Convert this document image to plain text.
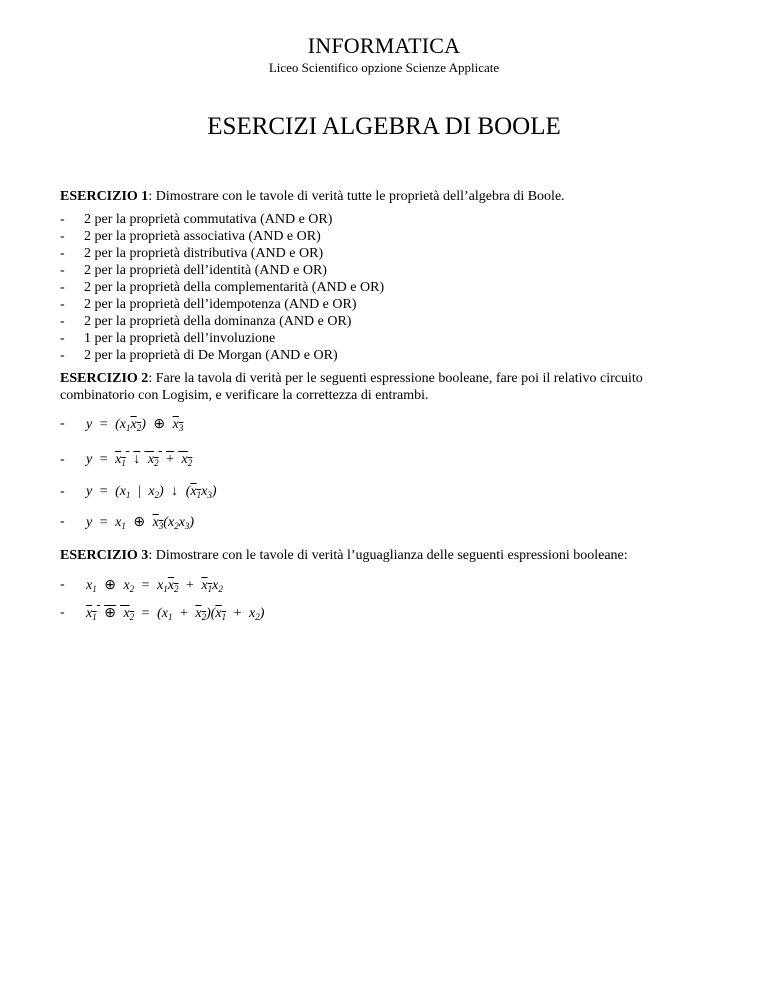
INFORMATICA
Liceo Scientifico opzione Scienze Applicate
ESERCIZI ALGEBRA DI BOOLE
ESERCIZIO 1: Dimostrare con le tavole di verità tutte le proprietà dell’algebra di Boole.
- 2 per la proprietà commutativa (AND e OR)
- 2 per la proprietà associativa (AND e OR)
- 2 per la proprietà distributiva (AND e OR)
- 2 per la proprietà dell’identità (AND e OR)
- 2 per la proprietà della complementarità (AND e OR)
- 2 per la proprietà dell’idempotenza (AND e OR)
- 2 per la proprietà della dominanza (AND e OR)
- 1 per la proprietà dell’involuzione
- 2 per la proprietà di De Morgan (AND e OR)
ESERCIZIO 2: Fare la tavola di verità per le seguenti espressione booleane, fare poi il relativo circuito combinatorio con Logisim, e verificare la correttezza di entrambi.
- $y = (x_1x_2)$ ⊕ $x_3$
- $y = x_1$ ↓ $x_2 + x_2$
- $y = (x_1$ | $x_2$) ↓ $(x_1x_3)$
- $y = x_1$ ⊕ $x_3(x_2x_3)$
ESERCIZIO 3: Dimostrare con le tavole di verità l’uguaglianza delle seguenti espressioni booleane:
- $x_1$ ⊕ $x_2 = x_1x_2 + x_1x_2$
- $x_1$ ⊕ $x_2 = (x_1 + x_2)(x_1 + x_2)$
